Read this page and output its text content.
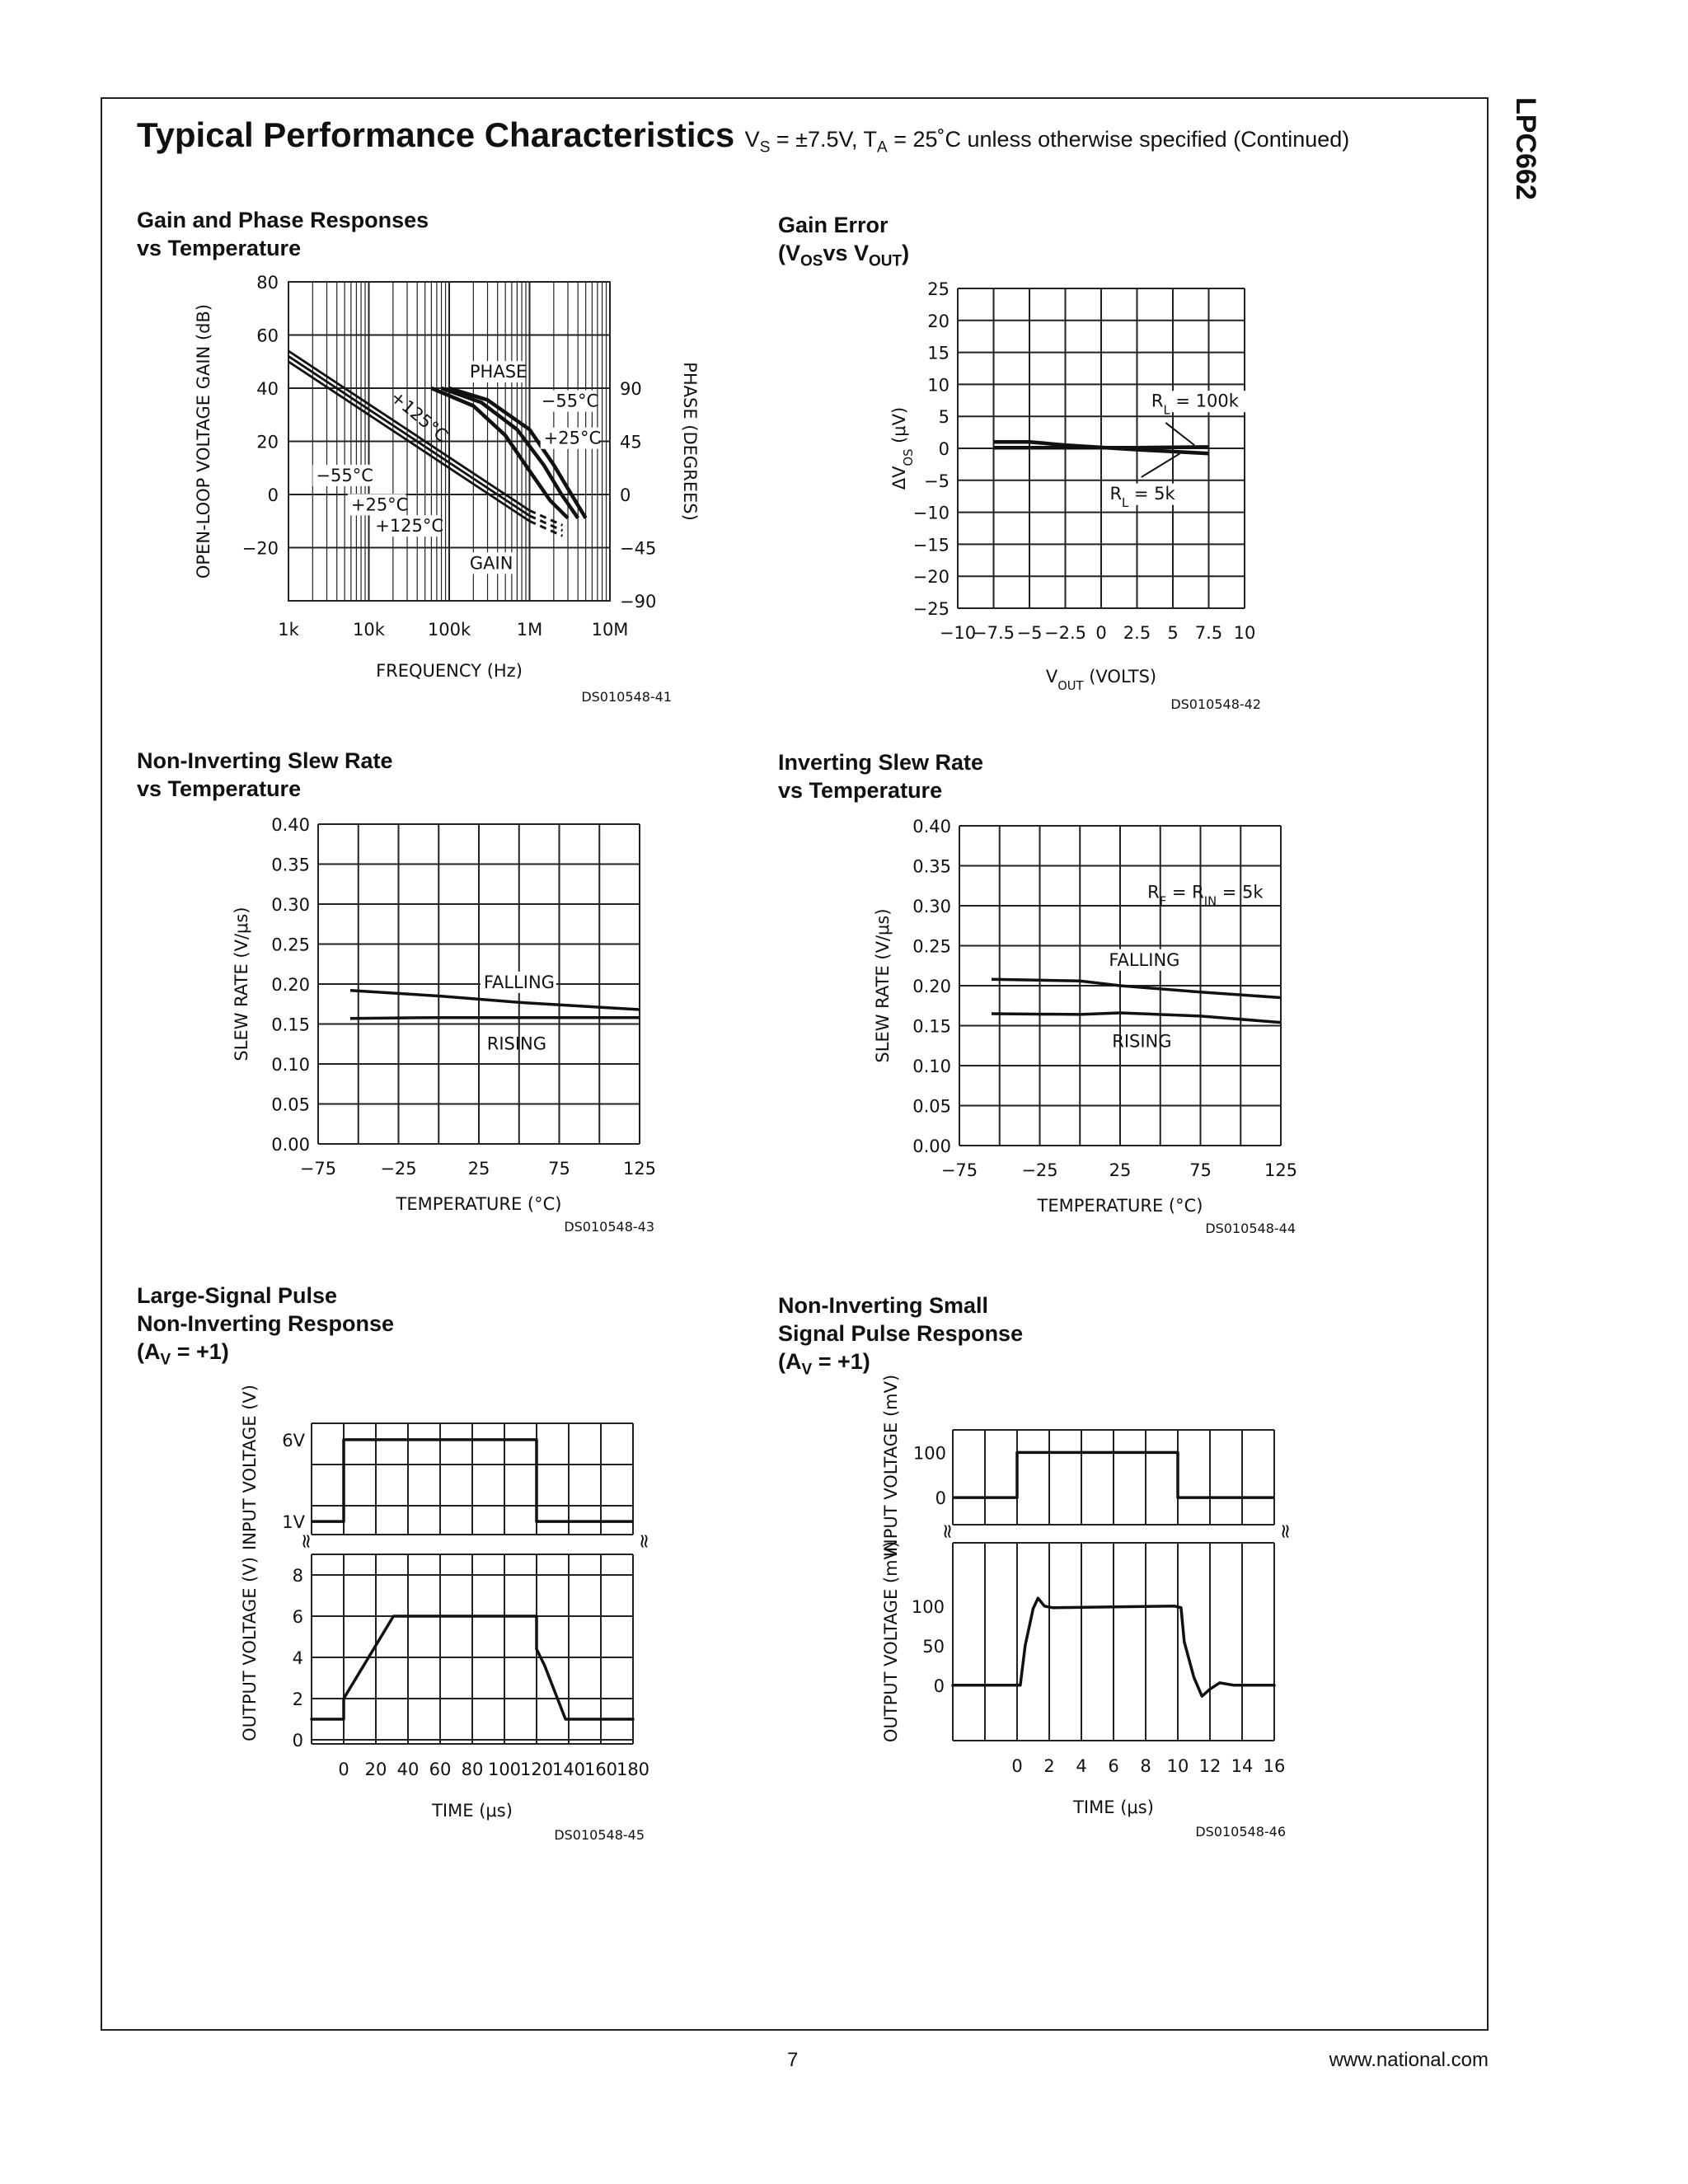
LPC662
Typical Performance Characteristics $V_S = \pm 7.5V$, $T_A$ = 25˚C unless otherwise specified (Continued)
Gain and Phase Responses
vs Temperature
Gain Error
($V_{OS}vs$ $V_{OUT}$)
Non-Inverting Slew Rate
vs Temperature
Inverting Slew Rate
vs Temperature
Large-Signal Pulse
Non-Inverting Response
$(A_V = +1)$
Non-Inverting Small
Signal Pulse Response
$(A_V = +1)$
80
60
40
20
0
−20
90
45
0
−45
−90
1k	10k 100k	1M	10M
FREQUENCY (Hz)
OPEN-LOOP VOLTAGE GAIN (dB)	PHASE (DEGREES)
DS010548-41
PHASE
GAIN
−55°C
+25°C
+125°C
−55°C
+25°C
+125°C
25
20
15
10
5
0
−5
−10
−15
−20
−25
−10
−7.5 −5 −2.5 0 2.5 5 7.5 10
$V_{OUT}$ (VOLTS)
$\Delta V_{OS}$ (μV)
DS010548-42
$R_L = 100k$
$R_L = 5k$
0.40
0.35
0.30
0.25
0.20
0.15
0.10
0.05
0.00
−75	−25	25	75	125
TEMPERATURE (°C)
SLEW RATE (V/μs)
DS010548-43
FALLING
RISING
0.40
0.35
0.30
0.25
0.20
0.15
0.10
0.05
0.00
−75	−25	25	75	125
TEMPERATURE (°C)
SLEW RATE (V/μs)
DS010548-44
FALLING
RISING
$R_F = R_{IN} = 5k$
≈	≈
6V
1V
8
6
4
2
0
0 20 40 60 80 100
120
140
160
180
TIME (μs)
INPUT VOLTAGE (V)
OUTPUT VOLTAGE (V)
DS010548-45
≈	≈
100
0
100
50
0
0 2 4 6 8 10 12 14 16
TIME (μs)
INPUT VOLTAGE (mV)
OUTPUT VOLTAGE (mV)
DS010548-46
7	www.national.com
